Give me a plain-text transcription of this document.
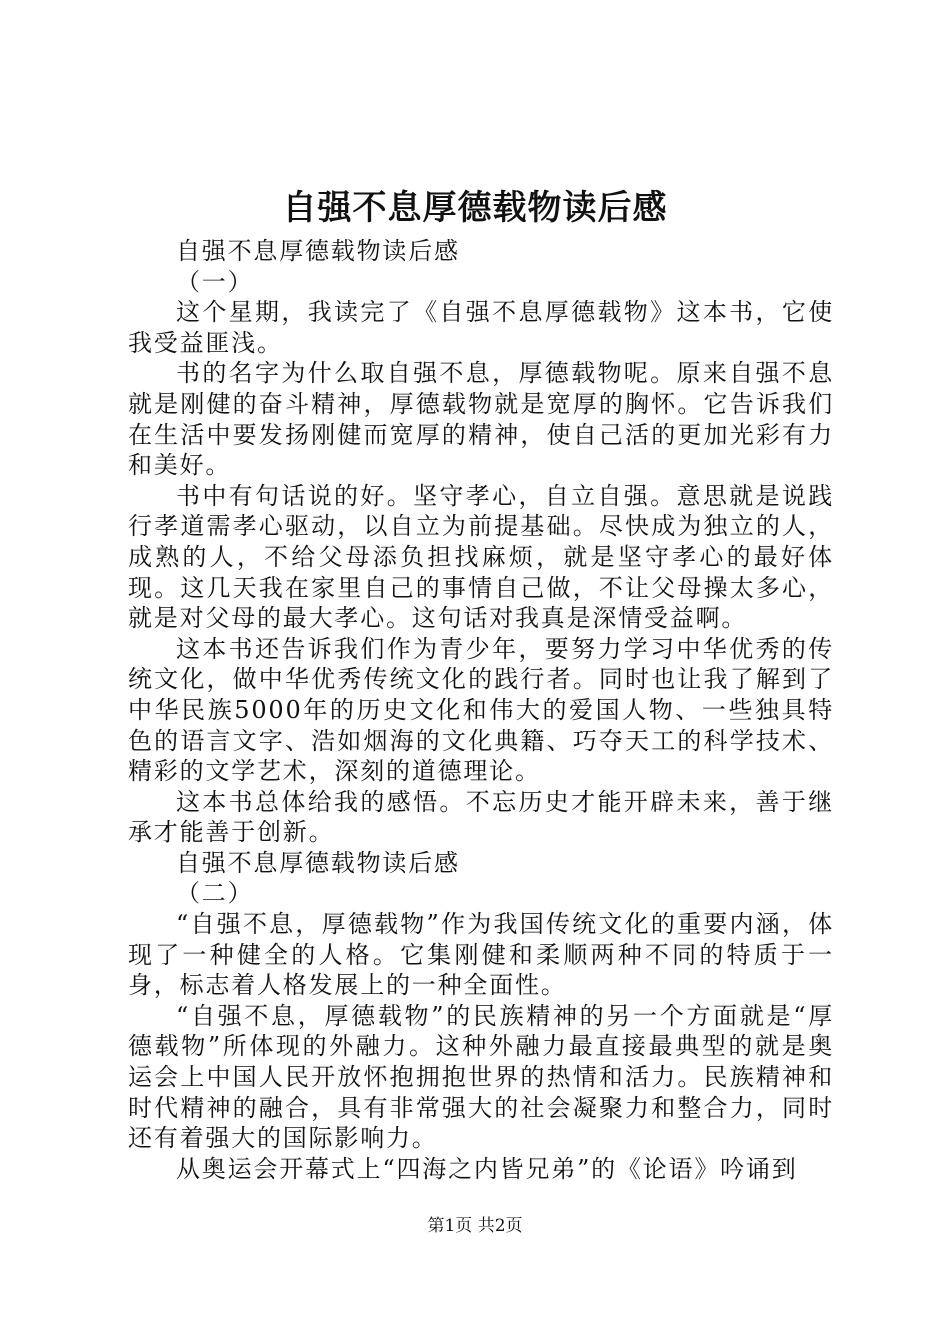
自强不息厚德载物读后感

自强不息厚德载物读后感

（一）

这个星期，我读完了《自强不息厚德载物》这本书，它使我受益匪浅。

书的名字为什么取自强不息，厚德载物呢。原来自强不息就是刚健的奋斗精神，厚德载物就是宽厚的胸怀。它告诉我们在生活中要发扬刚健而宽厚的精神，使自己活的更加光彩有力和美好。

书中有句话说的好。坚守孝心，自立自强。意思就是说践行孝道需孝心驱动，以自立为前提基础。尽快成为独立的人，成熟的人，不给父母添负担找麻烦，就是坚守孝心的最好体现。这几天我在家里自己的事情自己做，不让父母操太多心，就是对父母的最大孝心。这句话对我真是深情受益啊。

这本书还告诉我们作为青少年，要努力学习中华优秀的传统文化，做中华优秀传统文化的践行者。同时也让我了解到了中华民族5000年的历史文化和伟大的爱国人物、一些独具特色的语言文字、浩如烟海的文化典籍、巧夺天工的科学技术、精彩的文学艺术，深刻的道德理论。

这本书总体给我的感悟。不忘历史才能开辟未来，善于继承才能善于创新。

自强不息厚德载物读后感

（二）

“自强不息，厚德载物”作为我国传统文化的重要内涵，体现了一种健全的人格。它集刚健和柔顺两种不同的特质于一身，标志着人格发展上的一种全面性。

“自强不息，厚德载物”的民族精神的另一个方面就是“厚德载物”所体现的外融力。这种外融力最直接最典型的就是奥运会上中国人民开放怀抱拥抱世界的热情和活力。民族精神和时代精神的融合，具有非常强大的社会凝聚力和整合力，同时还有着强大的国际影响力。

从奥运会开幕式上“四海之内皆兄弟”的《论语》吟诵到

第1页 共2页
